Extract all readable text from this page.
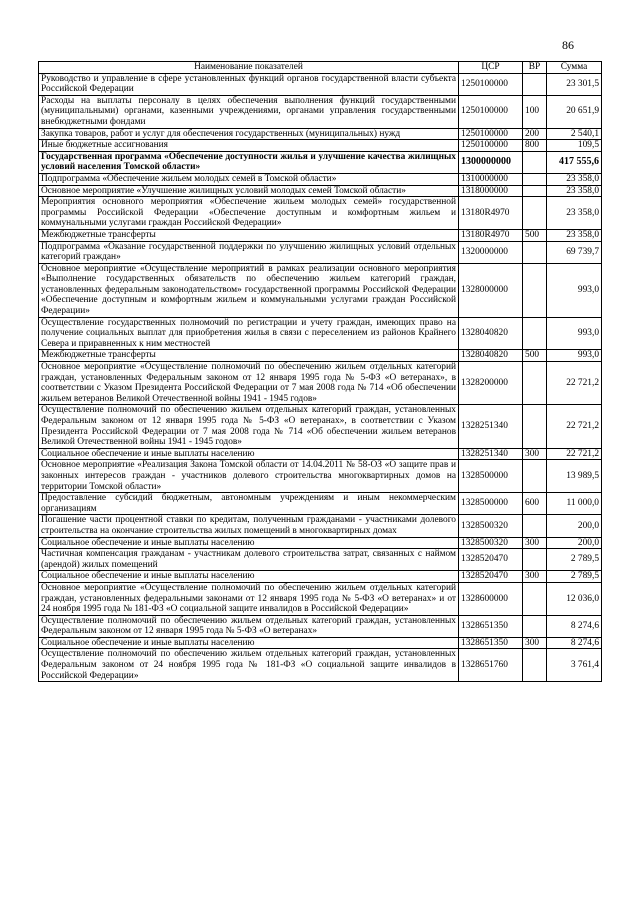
86
Наименование показателей	ЦСР	ВР	Сумма
Руководство и управление в сфере установленных функций органов государственной власти субъекта Российской Федерации	1250100000		23 301,5
Расходы на выплаты персоналу в целях обеспечения выполнения функций государственными (муниципальными) органами, казенными учреждениями, органами управления государственными внебюджетными фондами	1250100000	100	20 651,9
Закупка товаров, работ и услуг для обеспечения государственных (муниципальных) нужд	1250100000	200	2 540,1
Иные бюджетные ассигнования	1250100000	800	109,5
Государственная программа «Обеспечение доступности жилья и улучшение качества жилищных условий населения Томской области»	1300000000		417 555,6
Подпрограмма «Обеспечение жильем молодых семей в Томской области»	1310000000		23 358,0
Основное мероприятие «Улучшение жилищных условий молодых семей Томской области»	1318000000		23 358,0
Мероприятия основного мероприятия «Обеспечение жильем молодых семей» государственной программы Российской Федерации «Обеспечение доступным и комфортным жильем и коммунальными услугами граждан Российской Федерации»	13180R4970		23 358,0
Межбюджетные трансферты	13180R4970	500	23 358,0
Подпрограмма «Оказание государственной поддержки по улучшению жилищных условий отдельных категорий граждан»	1320000000		69 739,7
Основное мероприятие «Осуществление мероприятий в рамках реализации основного мероприятия «Выполнение государственных обязательств по обеспечению жильем категорий граждан, установленных федеральным законодательством» государственной программы Российской Федерации «Обеспечение доступным и комфортным жильем и коммунальными услугами граждан Российской Федерации»	1328000000		993,0
Осуществление государственных полномочий по регистрации и учету граждан, имеющих право на получение социальных выплат для приобретения жилья в связи с переселением из районов Крайнего Севера и приравненных к ним местностей	1328040820		993,0
Межбюджетные трансферты	1328040820	500	993,0
Основное мероприятие «Осуществление полномочий по обеспечению жильем отдельных категорий граждан, установленных Федеральным законом от 12 января 1995 года № 5-ФЗ «О ветеранах», в соответствии с Указом Президента Российской Федерации от 7 мая 2008 года № 714 «Об обеспечении жильем ветеранов Великой Отечественной войны 1941 - 1945 годов»	1328200000		22 721,2
Осуществление полномочий по обеспечению жильем отдельных категорий граждан, установленных Федеральным законом от 12 января 1995 года № 5-ФЗ «О ветеранах», в соответствии с Указом Президента Российской Федерации от 7 мая 2008 года № 714 «Об обеспечении жильем ветеранов Великой Отечественной войны 1941 - 1945 годов»	1328251340		22 721,2
Социальное обеспечение и иные выплаты населению	1328251340	300	22 721,2
Основное мероприятие «Реализация Закона Томской области от 14.04.2011 № 58-ОЗ «О защите прав и законных интересов граждан - участников долевого строительства многоквартирных домов на территории Томской области»	1328500000		13 989,5
Предоставление субсидий бюджетным, автономным учреждениям и иным некоммерческим организациям	1328500000	600	11 000,0
Погашение части процентной ставки по кредитам, полученным гражданами - участниками долевого строительства на окончание строительства жилых помещений в многоквартирных домах	1328500320		200,0
Социальное обеспечение и иные выплаты населению	1328500320	300	200,0
Частичная компенсация гражданам - участникам долевого строительства затрат, связанных с наймом (арендой) жилых помещений	1328520470		2 789,5
Социальное обеспечение и иные выплаты населению	1328520470	300	2 789,5
Основное мероприятие «Осуществление полномочий по обеспечению жильем отдельных категорий граждан, установленных федеральными законами от 12 января 1995 года № 5-ФЗ «О ветеранах» и от 24 ноября 1995 года № 181-ФЗ «О социальной защите инвалидов в Российской Федерации»	1328600000		12 036,0
Осуществление полномочий по обеспечению жильем отдельных категорий граждан, установленных Федеральным законом от 12 января 1995 года № 5-ФЗ «О ветеранах»	1328651350		8 274,6
Социальное обеспечение и иные выплаты населению	1328651350	300	8 274,6
Осуществление полномочий по обеспечению жильем отдельных категорий граждан, установленных Федеральным законом от 24 ноября 1995 года № 181-ФЗ «О социальной защите инвалидов в Российской Федерации»	1328651760		3 761,4
